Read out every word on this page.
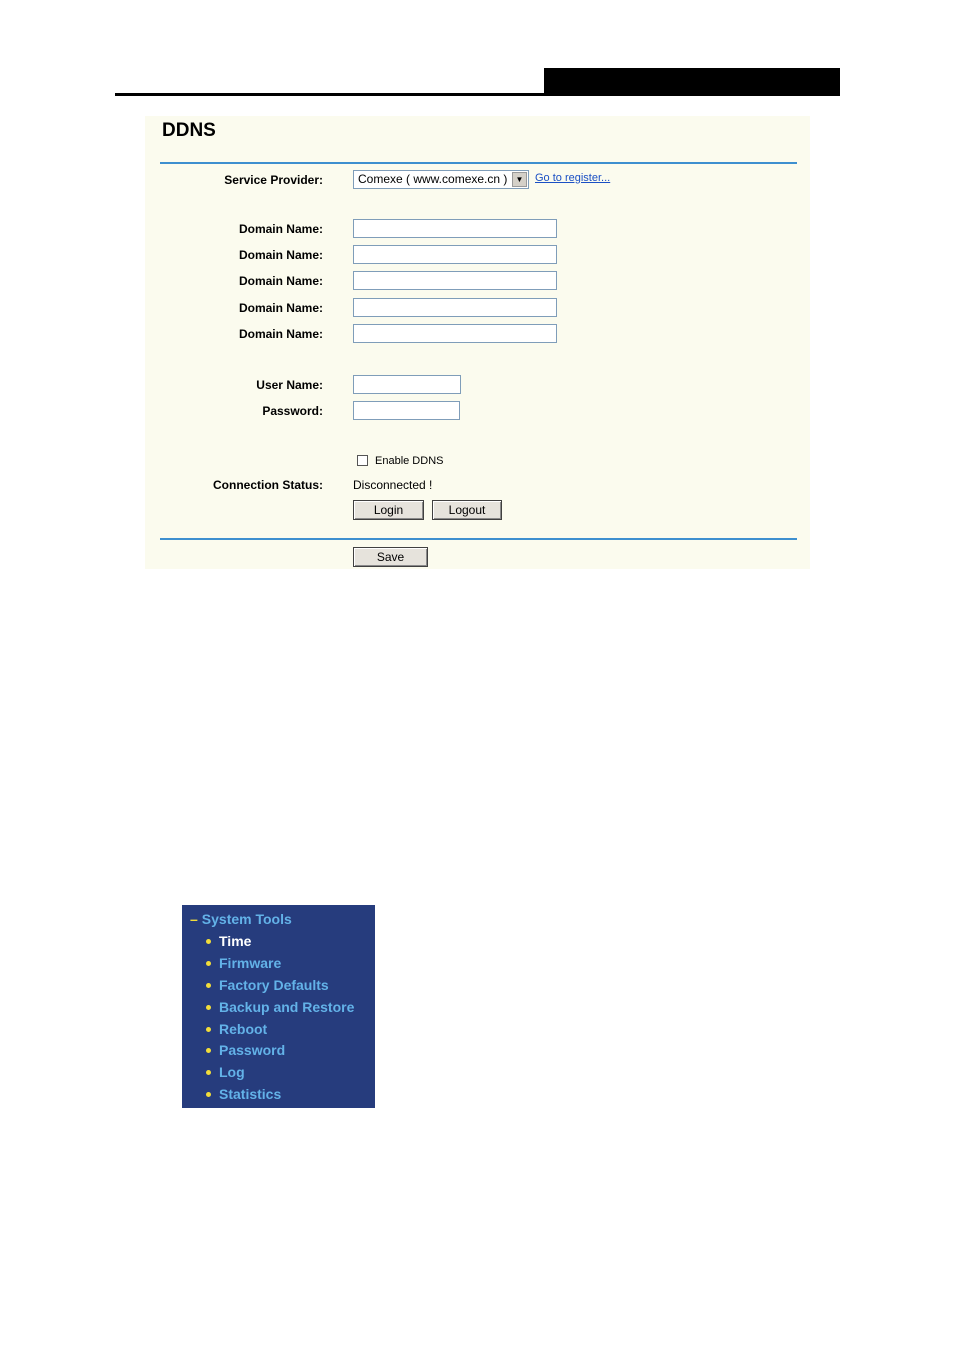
DDNS
Service Provider:	Comexe ( www.comexe.cn )	▼	Go to register...
Domain Name:
Domain Name:
Domain Name:
Domain Name:
Domain Name:
User Name:
Password:
Enable DDNS
Connection Status:	Disconnected !
Login	Logout
Save
– System Tools
Time
Firmware
Factory Defaults
Backup and Restore
Reboot
Password
Log
Statistics
